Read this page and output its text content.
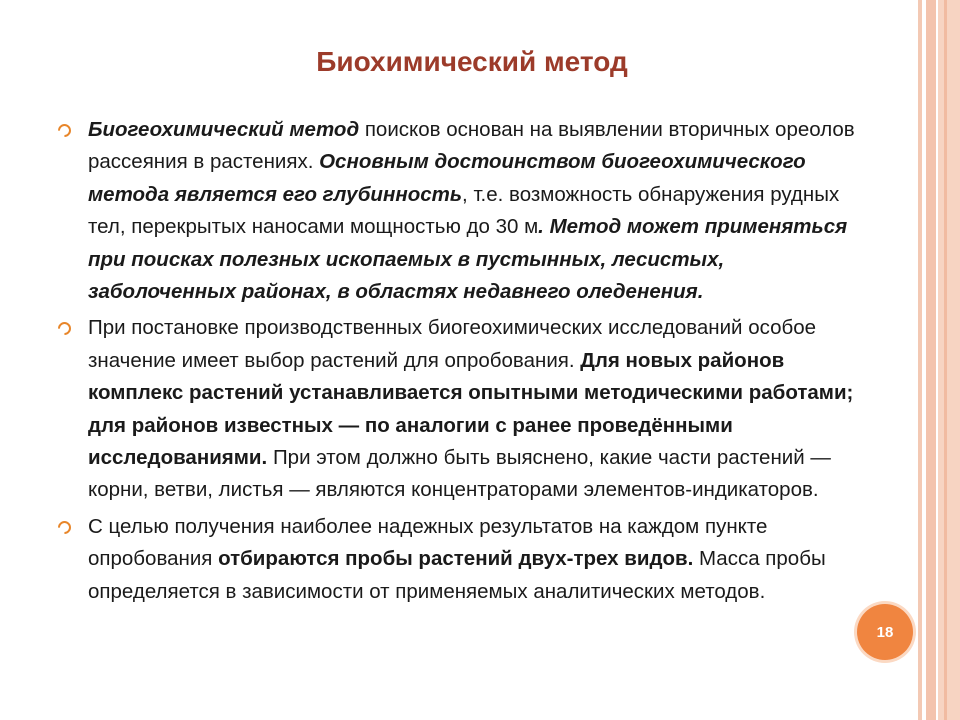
Биохимический метод
Биогеохимический метод поисков основан на выявлении вторичных ореолов рассеяния в растениях. Основным достоинством биогеохимического метода является его глубинность, т.е. возможность обнаружения рудных тел, перекрытых наносами мощностью до 30 м. Метод может применяться при поисках полезных ископаемых в пустынных, лесистых, заболоченных районах, в областях недавнего оледенения.
При постановке производственных биогеохимических исследований особое значение имеет выбор растений для опробования. Для новых районов комплекс растений устанавливается опытными методическими работами; для районов известных — по аналогии с ранее проведёнными исследованиями. При этом должно быть выяснено, какие части растений — корни, ветви, листья — являются концентраторами элементов-индикаторов.
С целью получения наиболее надежных результатов на каждом пункте опробования отбираются пробы растений двух-трех видов. Масса пробы определяется в зависимости от применяемых аналитических методов.
18
